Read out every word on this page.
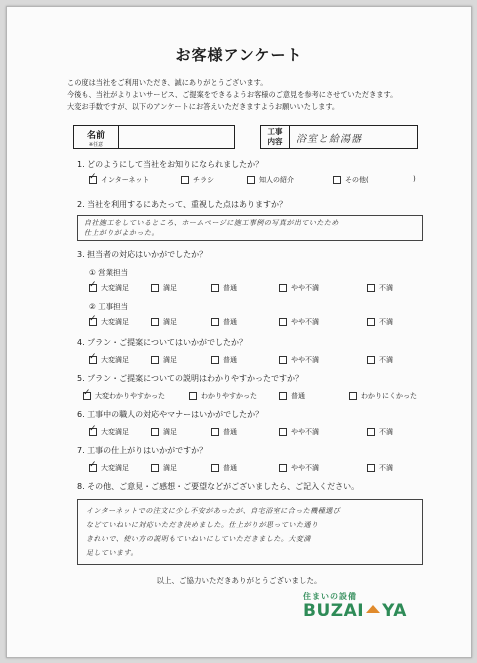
お客様アンケート
この度は当社をご利用いただき、誠にありがとうございます。
今後も、当社がよりよいサービス、ご提案をできるようお客様のご意見を参考にさせていただきます。
大変お手数ですが、以下のアンケートにお答えいただきますようお願いいたします。
名前
※任意
工事
内容	浴室と給湯器
1. どのようにして当社をお知りになられましたか？
✓
インターネット	チラシ	知人の紹介	その他(	)
2. 当社を利用するにあたって、重視した点はありますか？
自社施工をしているところ、ホームページに施工事例の写真が出ていたため
仕上がりがよかった。
3. 担当者の対応はいかがでしたか？
① 営業担当
✓
大変満足	満足	普通	やや不満	不満
② 工事担当
✓
大変満足	満足	普通	やや不満	不満
4. プラン・ご提案についてはいかがでしたか？
✓
大変満足	満足	普通	やや不満	不満
5. プラン・ご提案についての説明はわかりやすかったですか？
✓
大変わかりやすかった	わかりやすかった	普通	わかりにくかった
6. 工事中の職人の対応やマナーはいかがでしたか？
✓
大変満足	満足	普通	やや不満	不満
7. 工事の仕上がりはいかがですか？
✓
大変満足	満足	普通	やや不満	不満
8. その他、ご意見・ご感想・ご要望などがございましたら、ご記入ください。
インターネットでの注文に少し不安があったが、自宅浴室に合った機種選び
などていねいに対応いただき決めました。仕上がりが思っていた通り
きれいで、使い方の説明もていねいにしていただきました。大変満
足しています。
以上、ご協力いただきありがとうございました。
住まいの設備
BUZAI YA
